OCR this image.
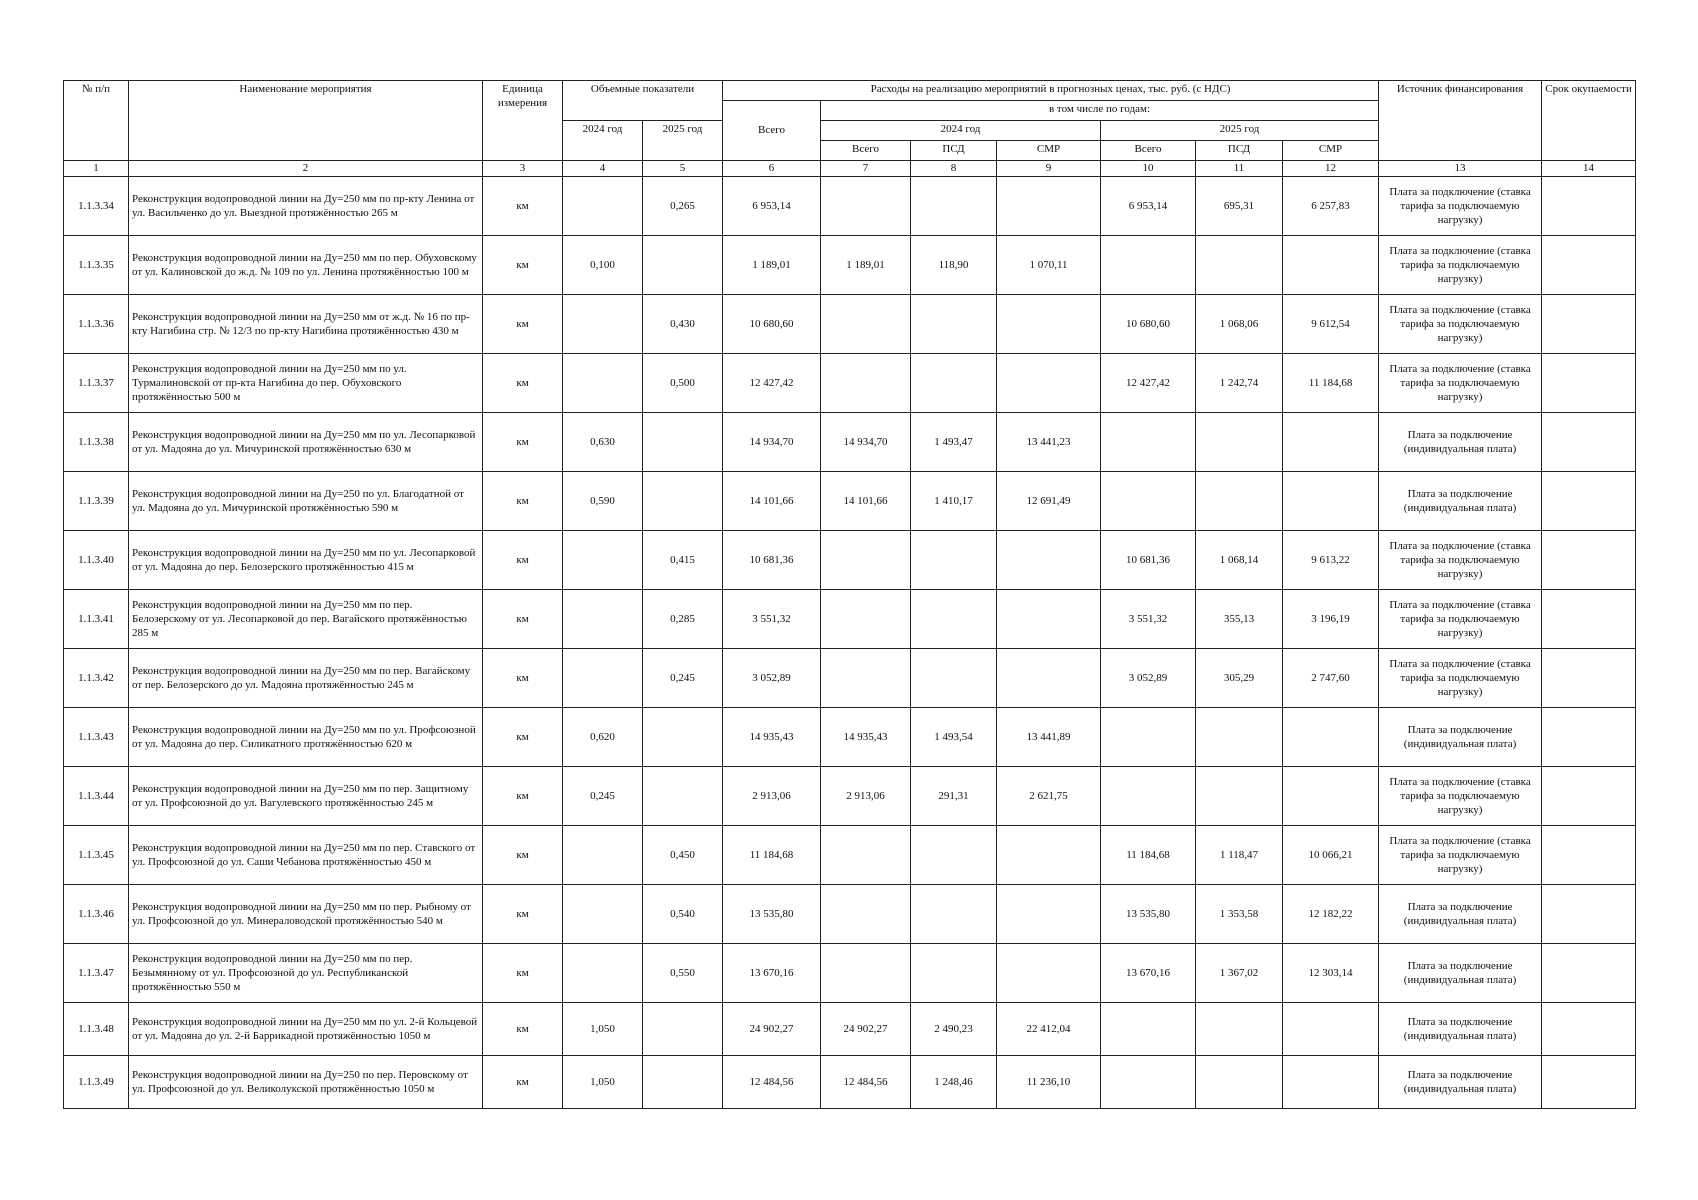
№ п/п	Наименование мероприятия	Единица измерения	Объемные показатели		Расходы на реализацию мероприятий в прогнозных ценах, тыс. руб. (с НДС)							Источник финансирования	Срок окупаемости
					Всего	в том числе по годам:							
			2024 год	2025 год		2024 год			2025 год				
						Всего	ПСД	СМР	Всего	ПСД	СМР		
1	2	3	4	5	6	7	8	9	10	11	12	13	14
1.1.3.34	Реконструкция водопроводной линии на Ду=250 мм по пр-кту Ленина от ул. Васильченко до ул. Выездной протяжённостью 265 м	км		0,265	6 953,14				6 953,14	695,31	6 257,83	Плата за подключение (ставка тарифа за подключаемую нагрузку)	
1.1.3.35	Реконструкция водопроводной линии на Ду=250 мм по пер. Обуховскому от ул. Калиновской до ж.д. № 109 по ул. Ленина протяжённостью 100 м	км	0,100		1 189,01	1 189,01	118,90	1 070,11				Плата за подключение (ставка тарифа за подключаемую нагрузку)	
1.1.3.36	Реконструкция водопроводной линии на Ду=250 мм от ж.д. № 16 по пр-кту Нагибина стр. № 12/3 по пр-кту Нагибина протяжённостью 430 м	км		0,430	10 680,60				10 680,60	1 068,06	9 612,54	Плата за подключение (ставка тарифа за подключаемую нагрузку)	
1.1.3.37	Реконструкция водопроводной линии на Ду=250 мм по ул. Турмалиновской от пр-кта Нагибина до пер. Обуховского протяжённостью 500 м	км		0,500	12 427,42				12 427,42	1 242,74	11 184,68	Плата за подключение (ставка тарифа за подключаемую нагрузку)	
1.1.3.38	Реконструкция водопроводной линии на Ду=250 мм по ул. Лесопарковой от ул. Мадояна до ул. Мичуринской протяжённостью 630 м	км	0,630		14 934,70	14 934,70	1 493,47	13 441,23				Плата за подключение (индивидуальная плата)	
1.1.3.39	Реконструкция водопроводной линии на Ду=250 по ул. Благодатной от ул. Мадояна до ул. Мичуринской протяжённостью 590 м	км	0,590		14 101,66	14 101,66	1 410,17	12 691,49				Плата за подключение (индивидуальная плата)	
1.1.3.40	Реконструкция водопроводной линии на Ду=250 мм по ул. Лесопарковой от ул. Мадояна до пер. Белозерского протяжённостью 415 м	км		0,415	10 681,36				10 681,36	1 068,14	9 613,22	Плата за подключение (ставка тарифа за подключаемую нагрузку)	
1.1.3.41	Реконструкция водопроводной линии на Ду=250 мм по пер. Белозерскому от ул. Лесопарковой до пер. Вагайского протяжённостью 285 м	км		0,285	3 551,32				3 551,32	355,13	3 196,19	Плата за подключение (ставка тарифа за подключаемую нагрузку)	
1.1.3.42	Реконструкция водопроводной линии на Ду=250 мм по пер. Вагайскому от пер. Белозерского до ул. Мадояна протяжённостью 245 м	км		0,245	3 052,89				3 052,89	305,29	2 747,60	Плата за подключение (ставка тарифа за подключаемую нагрузку)	
1.1.3.43	Реконструкция водопроводной линии на Ду=250 мм по ул. Профсоюзной от ул. Мадояна до пер. Силикатного протяжённостью 620 м	км	0,620		14 935,43	14 935,43	1 493,54	13 441,89				Плата за подключение (индивидуальная плата)	
1.1.3.44	Реконструкция водопроводной линии на Ду=250 мм по пер. Защитному от ул. Профсоюзной до ул. Вагулевского протяжённостью 245 м	км	0,245		2 913,06	2 913,06	291,31	2 621,75				Плата за подключение (ставка тарифа за подключаемую нагрузку)	
1.1.3.45	Реконструкция водопроводной линии на Ду=250 мм по пер. Ставского от ул. Профсоюзной до ул. Саши Чебанова протяжённостью 450 м	км		0,450	11 184,68				11 184,68	1 118,47	10 066,21	Плата за подключение (ставка тарифа за подключаемую нагрузку)	
1.1.3.46	Реконструкция водопроводной линии на Ду=250 мм по пер. Рыбному от ул. Профсоюзной до ул. Минераловодской протяжённостью 540 м	км		0,540	13 535,80				13 535,80	1 353,58	12 182,22	Плата за подключение (индивидуальная плата)	
1.1.3.47	Реконструкция водопроводной линии на Ду=250 мм по пер. Безымянному от ул. Профсоюзной до ул. Республиканской протяжённостью 550 м	км		0,550	13 670,16				13 670,16	1 367,02	12 303,14	Плата за подключение (индивидуальная плата)	
1.1.3.48	Реконструкция водопроводной линии на Ду=250 мм по ул. 2-й Кольцевой от ул. Мадояна до ул. 2-й Баррикадной протяжённостью 1050 м	км	1,050		24 902,27	24 902,27	2 490,23	22 412,04				Плата за подключение (индивидуальная плата)	
1.1.3.49	Реконструкция водопроводной линии на Ду=250 по пер. Перовскому от ул. Профсоюзной до ул. Великолукской протяжённостью 1050 м	км	1,050		12 484,56	12 484,56	1 248,46	11 236,10				Плата за подключение (индивидуальная плата)	
